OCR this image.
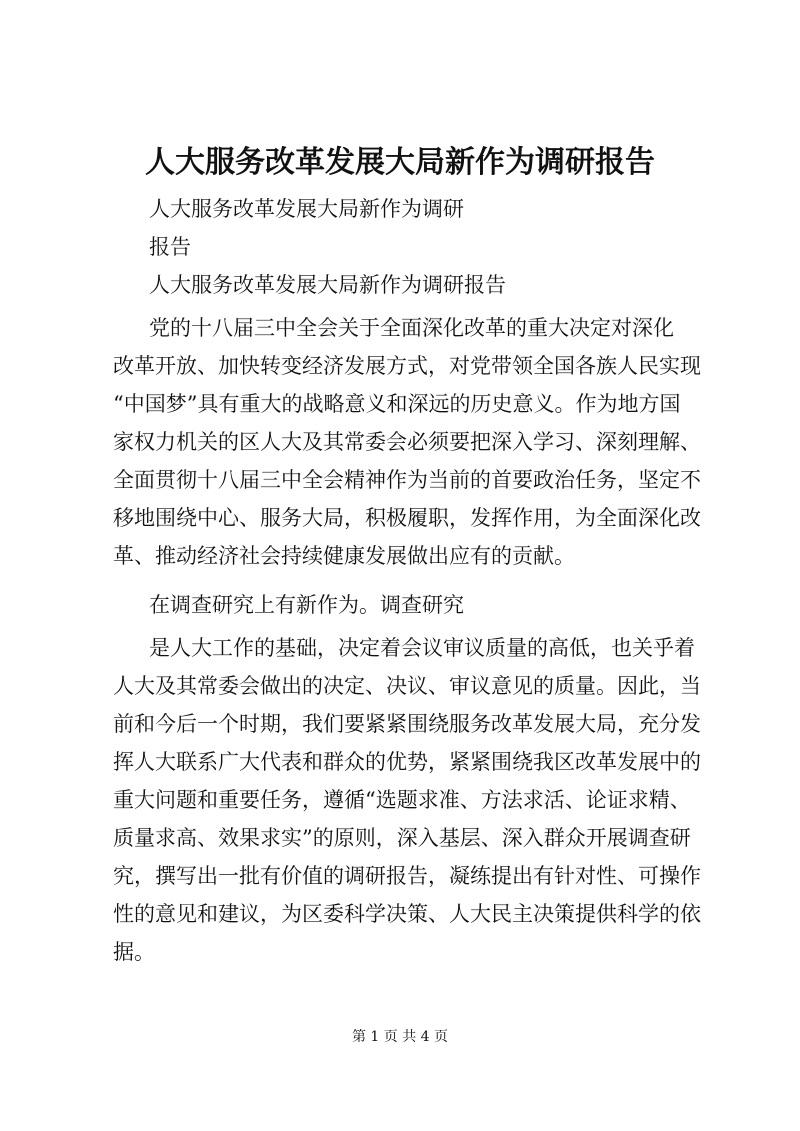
人大服务改革发展大局新作为调研报告
人大服务改革发展大局新作为调研
报告
人大服务改革发展大局新作为调研报告
党的十八届三中全会关于全面深化改革的重大决定对深化
改革开放、加快转变经济发展方式，对党带领全国各族人民实现
“中国梦”具有重大的战略意义和深远的历史意义。作为地方国
家权力机关的区人大及其常委会必须要把深入学习、深刻理解、
全面贯彻十八届三中全会精神作为当前的首要政治任务，坚定不
移地围绕中心、服务大局，积极履职，发挥作用，为全面深化改
革、推动经济社会持续健康发展做出应有的贡献。
在调查研究上有新作为。调查研究
是人大工作的基础，决定着会议审议质量的高低，也关乎着
人大及其常委会做出的决定、决议、审议意见的质量。因此，当
前和今后一个时期，我们要紧紧围绕服务改革发展大局，充分发
挥人大联系广大代表和群众的优势，紧紧围绕我区改革发展中的
重大问题和重要任务，遵循“选题求准、方法求活、论证求精、
质量求高、效果求实”的原则，深入基层、深入群众开展调查研
究，撰写出一批有价值的调研报告，凝练提出有针对性、可操作
性的意见和建议，为区委科学决策、人大民主决策提供科学的依
据。
第 1 页 共 4 页
